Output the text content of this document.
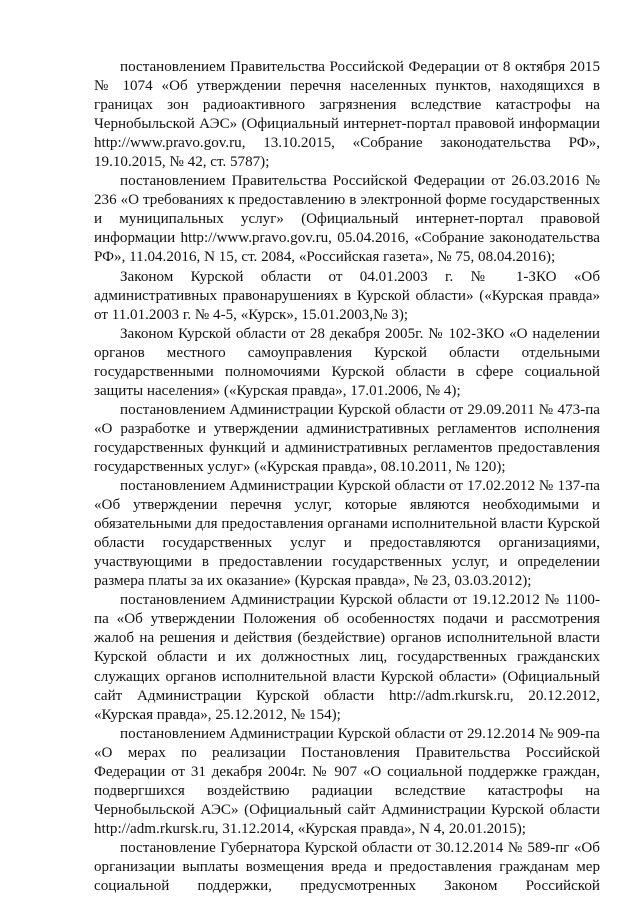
постановлением Правительства Российской Федерации от 8 октября 2015 № 1074 «Об утверждении перечня населенных пунктов, находящихся в границах зон радиоактивного загрязнения вследствие катастрофы на Чернобыльской АЭС» (Официальный интернет-портал правовой информации http://www.pravo.gov.ru, 13.10.2015, «Собрание законодательства РФ», 19.10.2015, № 42, ст. 5787);

постановлением Правительства Российской Федерации от 26.03.2016 № 236 «О требованиях к предоставлению в электронной форме государственных и муниципальных услуг» (Официальный интернет-портал правовой информации http://www.pravo.gov.ru, 05.04.2016, «Собрание законодательства РФ», 11.04.2016, N 15, ст. 2084, «Российская газета», № 75, 08.04.2016);

Законом Курской области от 04.01.2003 г. № 1-ЗКО «Об административных правонарушениях в Курской области» («Курская правда» от 11.01.2003 г. № 4-5, «Курск», 15.01.2003,№ 3);

Законом Курской области от 28 декабря 2005г. № 102-ЗКО «О наделении органов местного самоуправления Курской области отдельными государственными полномочиями Курской области в сфере социальной защиты населения» («Курская правда», 17.01.2006, № 4);

постановлением Администрации Курской области от 29.09.2011 № 473-па «О разработке и утверждении административных регламентов исполнения государственных функций и административных регламентов предоставления государственных услуг» («Курская правда», 08.10.2011, № 120);

постановлением Администрации Курской области от 17.02.2012 № 137-па «Об утверждении перечня услуг, которые являются необходимыми и обязательными для предоставления органами исполнительной власти Курской области государственных услуг и предоставляются организациями, участвующими в предоставлении государственных услуг, и определении размера платы за их оказание» (Курская правда», № 23, 03.03.2012);

постановлением Администрации Курской области от 19.12.2012 № 1100-па «Об утверждении Положения об особенностях подачи и рассмотрения жалоб на решения и действия (бездействие) органов исполнительной власти Курской области и их должностных лиц, государственных гражданских служащих органов исполнительной власти Курской области» (Официальный сайт Администрации Курской области http://adm.rkursk.ru, 20.12.2012, «Курская правда», 25.12.2012, № 154);

постановлением Администрации Курской области от 29.12.2014 № 909-па «О мерах по реализации Постановления Правительства Российской Федерации от 31 декабря 2004г. № 907 «О социальной поддержке граждан, подвергшихся воздействию радиации вследствие катастрофы на Чернобыльской АЭС» (Официальный сайт Администрации Курской области http://adm.rkursk.ru, 31.12.2014, «Курская правда», N 4, 20.01.2015);

постановление Губернатора Курской области от 30.12.2014 № 589-пг «Об организации выплаты возмещения вреда и предоставления гражданам мер социальной поддержки, предусмотренных Законом Российской
